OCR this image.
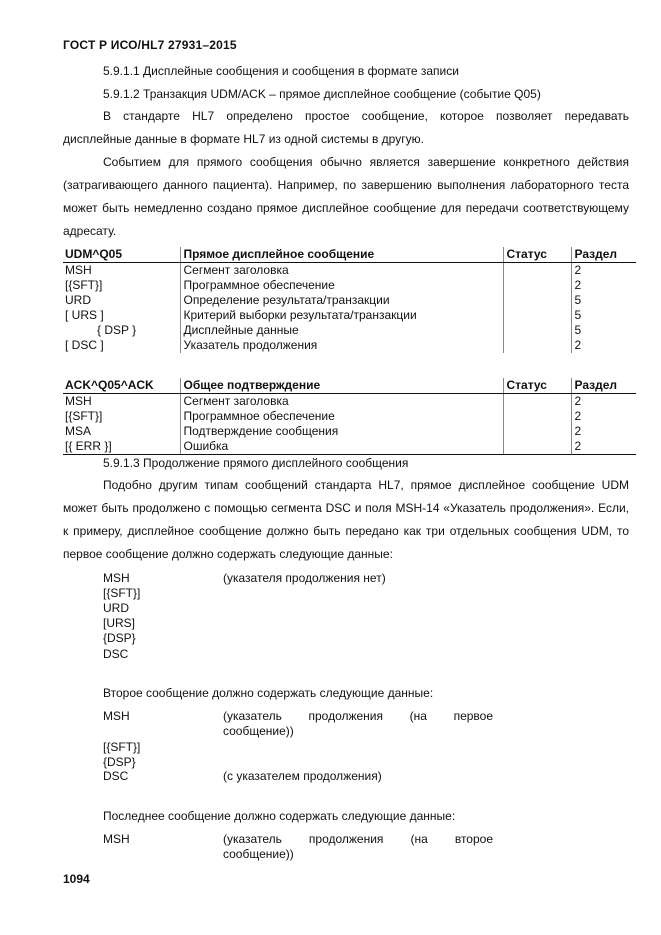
ГОСТ Р ИСО/HL7 27931–2015
5.9.1.1 Дисплейные сообщения и сообщения в формате записи
5.9.1.2 Транзакция UDM/ACK – прямое дисплейное сообщение (событие Q05)
В стандарте HL7 определено простое сообщение, которое позволяет передавать дисплейные данные в формате HL7 из одной системы в другую.
Событием для прямого сообщения обычно является завершение конкретного действия (затрагивающего данного пациента). Например, по завершению выполнения лабораторного теста может быть немедленно создано прямое дисплейное сообщение для передачи соответствующему адресату.
UDM^Q05	Прямое дисплейное сообщение	Статус	Раздел
MSH	Сегмент заголовка		2
[{SFT}]	Программное обеспечение		2
URD	Определение результата/транзакции		5
[ URS ]	Критерий выборки результата/транзакции		5
{ DSP }	Дисплейные данные		5
[ DSC ]	Указатель продолжения		2
ACK^Q05^ACK	Общее подтверждение	Статус	Раздел
MSH	Сегмент заголовка		2
[{SFT}]	Программное обеспечение		2
MSA	Подтверждение сообщения		2
[{ ERR }]	Ошибка		2
5.9.1.3 Продолжение прямого дисплейного сообщения
Подобно другим типам сообщений стандарта HL7, прямое дисплейное сообщение UDM может быть продолжено с помощью сегмента DSC и поля MSH-14 «Указатель продолжения». Если, к примеру, дисплейное сообщение должно быть передано как три отдельных сообщения UDM, то первое сообщение должно содержать следующие данные:
MSH	(указателя продолжения нет)
[{SFT}]
URD
[URS]
{DSP}
DSC
Второе сообщение должно содержать следующие данные:
MSH	(указатель продолжения (на первое сообщение))
[{SFT}]
{DSP}
DSC	(с указателем продолжения)
Последнее сообщение должно содержать следующие данные:
MSH	(указатель продолжения (на второе сообщение))
1094
